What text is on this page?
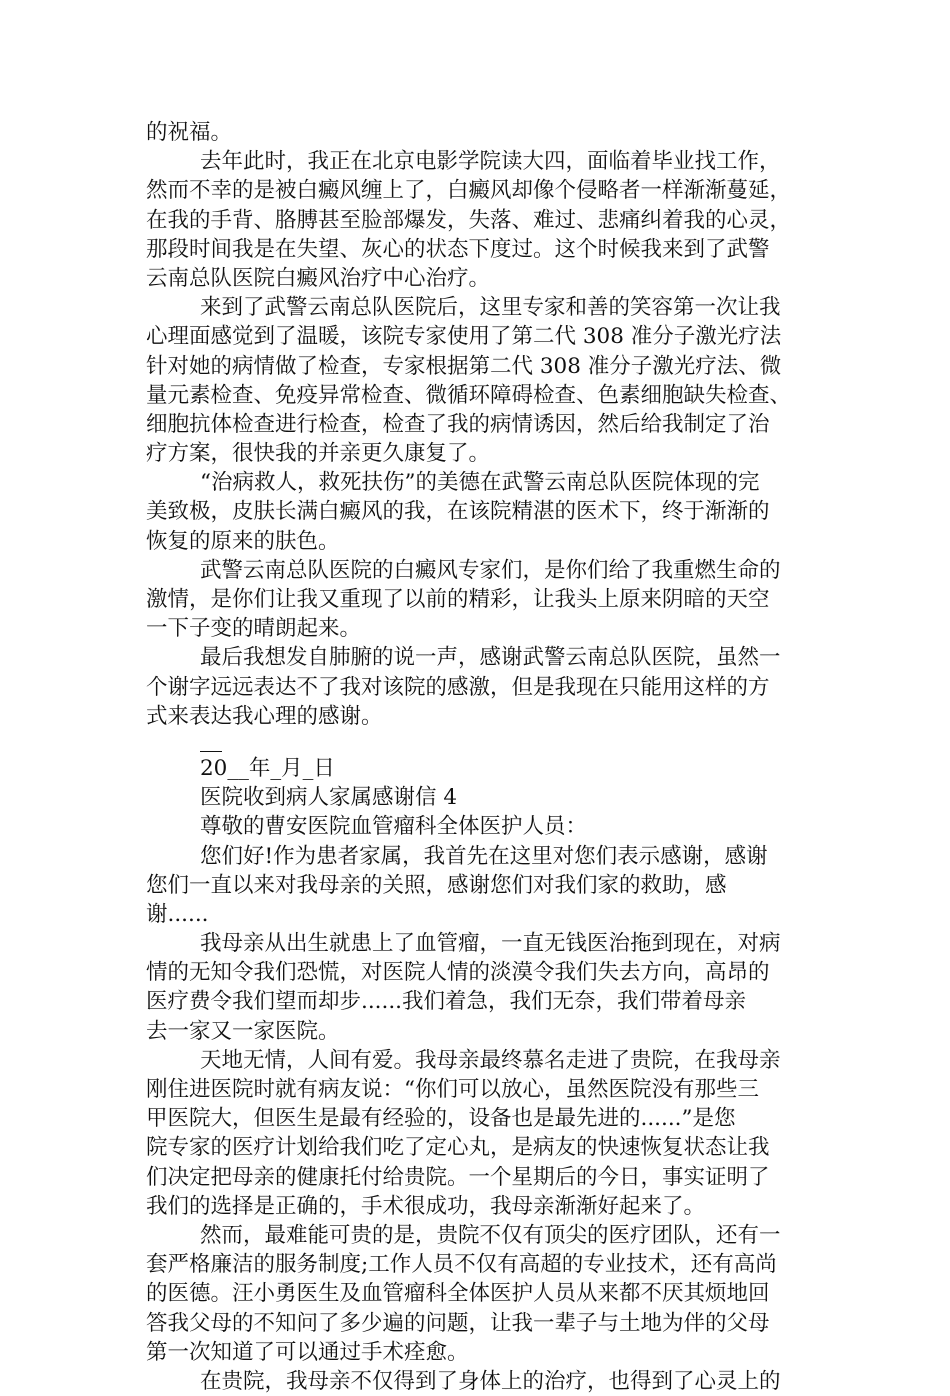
的祝福。
去年此时，我正在北京电影学院读大四，面临着毕业找工作，
然而不幸的是被白癜风缠上了，白癜风却像个侵略者一样渐渐蔓延，
在我的手背、胳膊甚至脸部爆发，失落、难过、悲痛纠着我的心灵，
那段时间我是在失望、灰心的状态下度过。这个时候我来到了武警
云南总队医院白癜风治疗中心治疗。
来到了武警云南总队医院后，这里专家和善的笑容第一次让我
心理面感觉到了温暖，该院专家使用了第二代 308 准分子激光疗法
针对她的病情做了检查，专家根据第二代 308 准分子激光疗法、微
量元素检查、免疫异常检查、微循环障碍检查、色素细胞缺失检查、
细胞抗体检查进行检查，检查了我的病情诱因，然后给我制定了治
疗方案，很快我的并亲更久康复了。
“治病救人，救死扶伤”的美德在武警云南总队医院体现的完
美致极，皮肤长满白癜风的我，在该院精湛的医术下，终于渐渐的
恢复的原来的肤色。
武警云南总队医院的白癜风专家们，是你们给了我重燃生命的
激情，是你们让我又重现了以前的精彩，让我头上原来阴暗的天空
一下子变的晴朗起来。
最后我想发自肺腑的说一声，感谢武警云南总队医院，虽然一
个谢字远远表达不了我对该院的感激，但是我现在只能用这样的方
式来表达我心理的感谢。
20__年_月_日
医院收到病人家属感谢信 4
尊敬的曹安医院血管瘤科全体医护人员：
您们好!作为患者家属，我首先在这里对您们表示感谢，感谢
您们一直以来对我母亲的关照，感谢您们对我们家的救助，感
谢......
我母亲从出生就患上了血管瘤，一直无钱医治拖到现在，对病
情的无知令我们恐慌，对医院人情的淡漠令我们失去方向，高昂的
医疗费令我们望而却步......我们着急，我们无奈，我们带着母亲
去一家又一家医院。
天地无情，人间有爱。我母亲最终慕名走进了贵院，在我母亲
刚住进医院时就有病友说：“你们可以放心，虽然医院没有那些三
甲医院大，但医生是最有经验的，设备也是最先进的......”是您
院专家的医疗计划给我们吃了定心丸，是病友的快速恢复状态让我
们决定把母亲的健康托付给贵院。一个星期后的今日，事实证明了
我们的选择是正确的，手术很成功，我母亲渐渐好起来了。
然而，最难能可贵的是，贵院不仅有顶尖的医疗团队，还有一
套严格廉洁的服务制度;工作人员不仅有高超的专业技术，还有高尚
的医德。汪小勇医生及血管瘤科全体医护人员从来都不厌其烦地回
答我父母的不知问了多少遍的问题，让我一辈子与土地为伴的父母
第一次知道了可以通过手术痊愈。
在贵院，我母亲不仅得到了身体上的治疗，也得到了心灵上的
